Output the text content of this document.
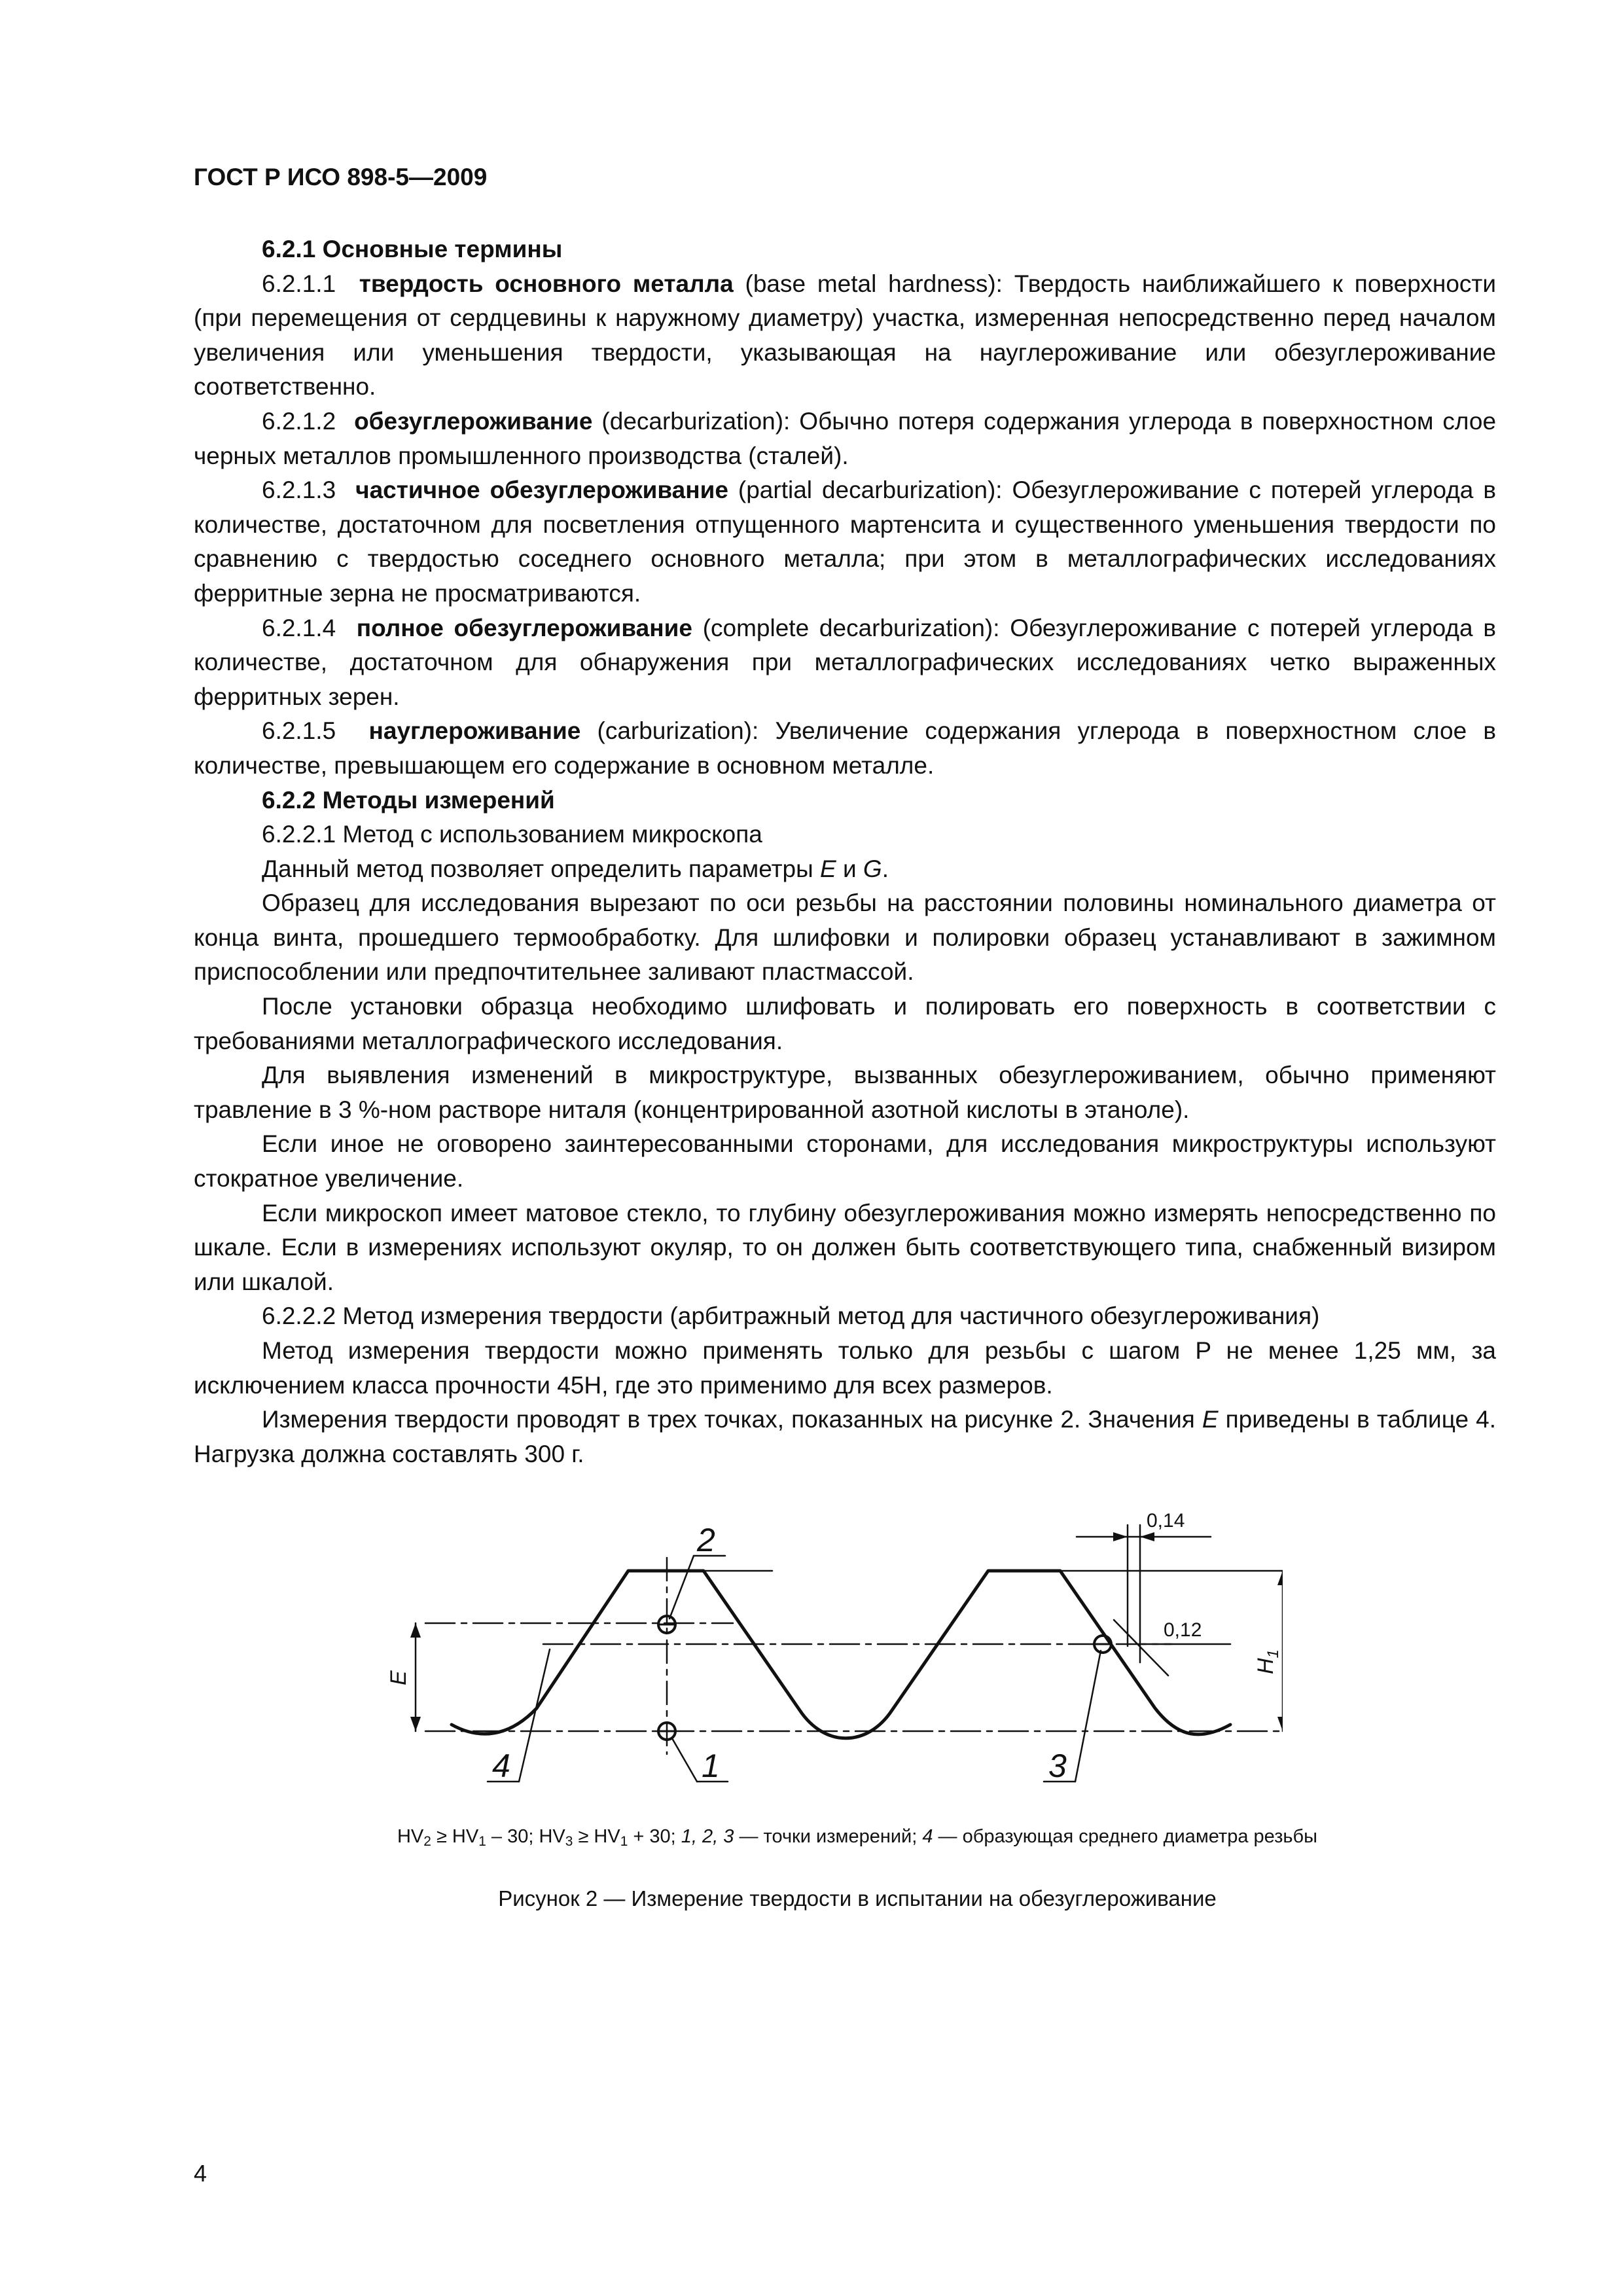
ГОСТ Р ИСО 898-5—2009

6.2.1 Основные термины

6.2.1.1 твердость основного металла (base metal hardness): Твердость наиближайшего к поверхности (при перемещения от сердцевины к наружному диаметру) участка, измеренная непосредственно перед началом увеличения или уменьшения твердости, указывающая на науглероживание или обезуглероживание соответственно.

6.2.1.2 обезуглероживание (decarburization): Обычно потеря содержания углерода в поверхностном слое черных металлов промышленного производства (сталей).

6.2.1.3 частичное обезуглероживание (partial decarburization): Обезуглероживание с потерей углерода в количестве, достаточном для посветления отпущенного мартенсита и существенного уменьшения твердости по сравнению с твердостью соседнего основного металла; при этом в металлографических исследованиях ферритные зерна не просматриваются.

6.2.1.4 полное обезуглероживание (complete decarburization): Обезуглероживание с потерей углерода в количестве, достаточном для обнаружения при металлографических исследованиях четко выраженных ферритных зерен.

6.2.1.5 науглероживание (carburization): Увеличение содержания углерода в поверхностном слое в количестве, превышающем его содержание в основном металле.

6.2.2 Методы измерений

6.2.2.1 Метод с использованием микроскопа

Данный метод позволяет определить параметры E и G.

Образец для исследования вырезают по оси резьбы на расстоянии половины номинального диаметра от конца винта, прошедшего термообработку. Для шлифовки и полировки образец устанавливают в зажимном приспособлении или предпочтительнее заливают пластмассой.

После установки образца необходимо шлифовать и полировать его поверхность в соответствии с требованиями металлографического исследования.

Для выявления изменений в микроструктуре, вызванных обезуглероживанием, обычно применяют травление в 3 %-ном растворе ниталя (концентрированной азотной кислоты в этаноле).

Если иное не оговорено заинтересованными сторонами, для исследования микроструктуры используют стократное увеличение.

Если микроскоп имеет матовое стекло, то глубину обезуглероживания можно измерять непосредственно по шкале. Если в измерениях используют окуляр, то он должен быть соответствующего типа, снабженный визиром или шкалой.

6.2.2.2 Метод измерения твердости (арбитражный метод для частичного обезуглероживания)

Метод измерения твердости можно применять только для резьбы с шагом P не менее 1,25 мм, за исключением класса прочности 45H, где это применимо для всех размеров.

Измерения твердости проводят в трех точках, показанных на рисунке 2. Значения E приведены в таблице 4. Нагрузка должна составлять 300 г.

2
1	3
4
E
$H_1$
0,14
0,12
$HV_2 \ge HV_1 - 30$; $HV_3 \ge HV_1 + 30$; 1, 2, 3 — точки измерений; 4 — образующая среднего диаметра резьбы
Рисунок 2 — Измерение твердости в испытании на обезуглероживание
4
